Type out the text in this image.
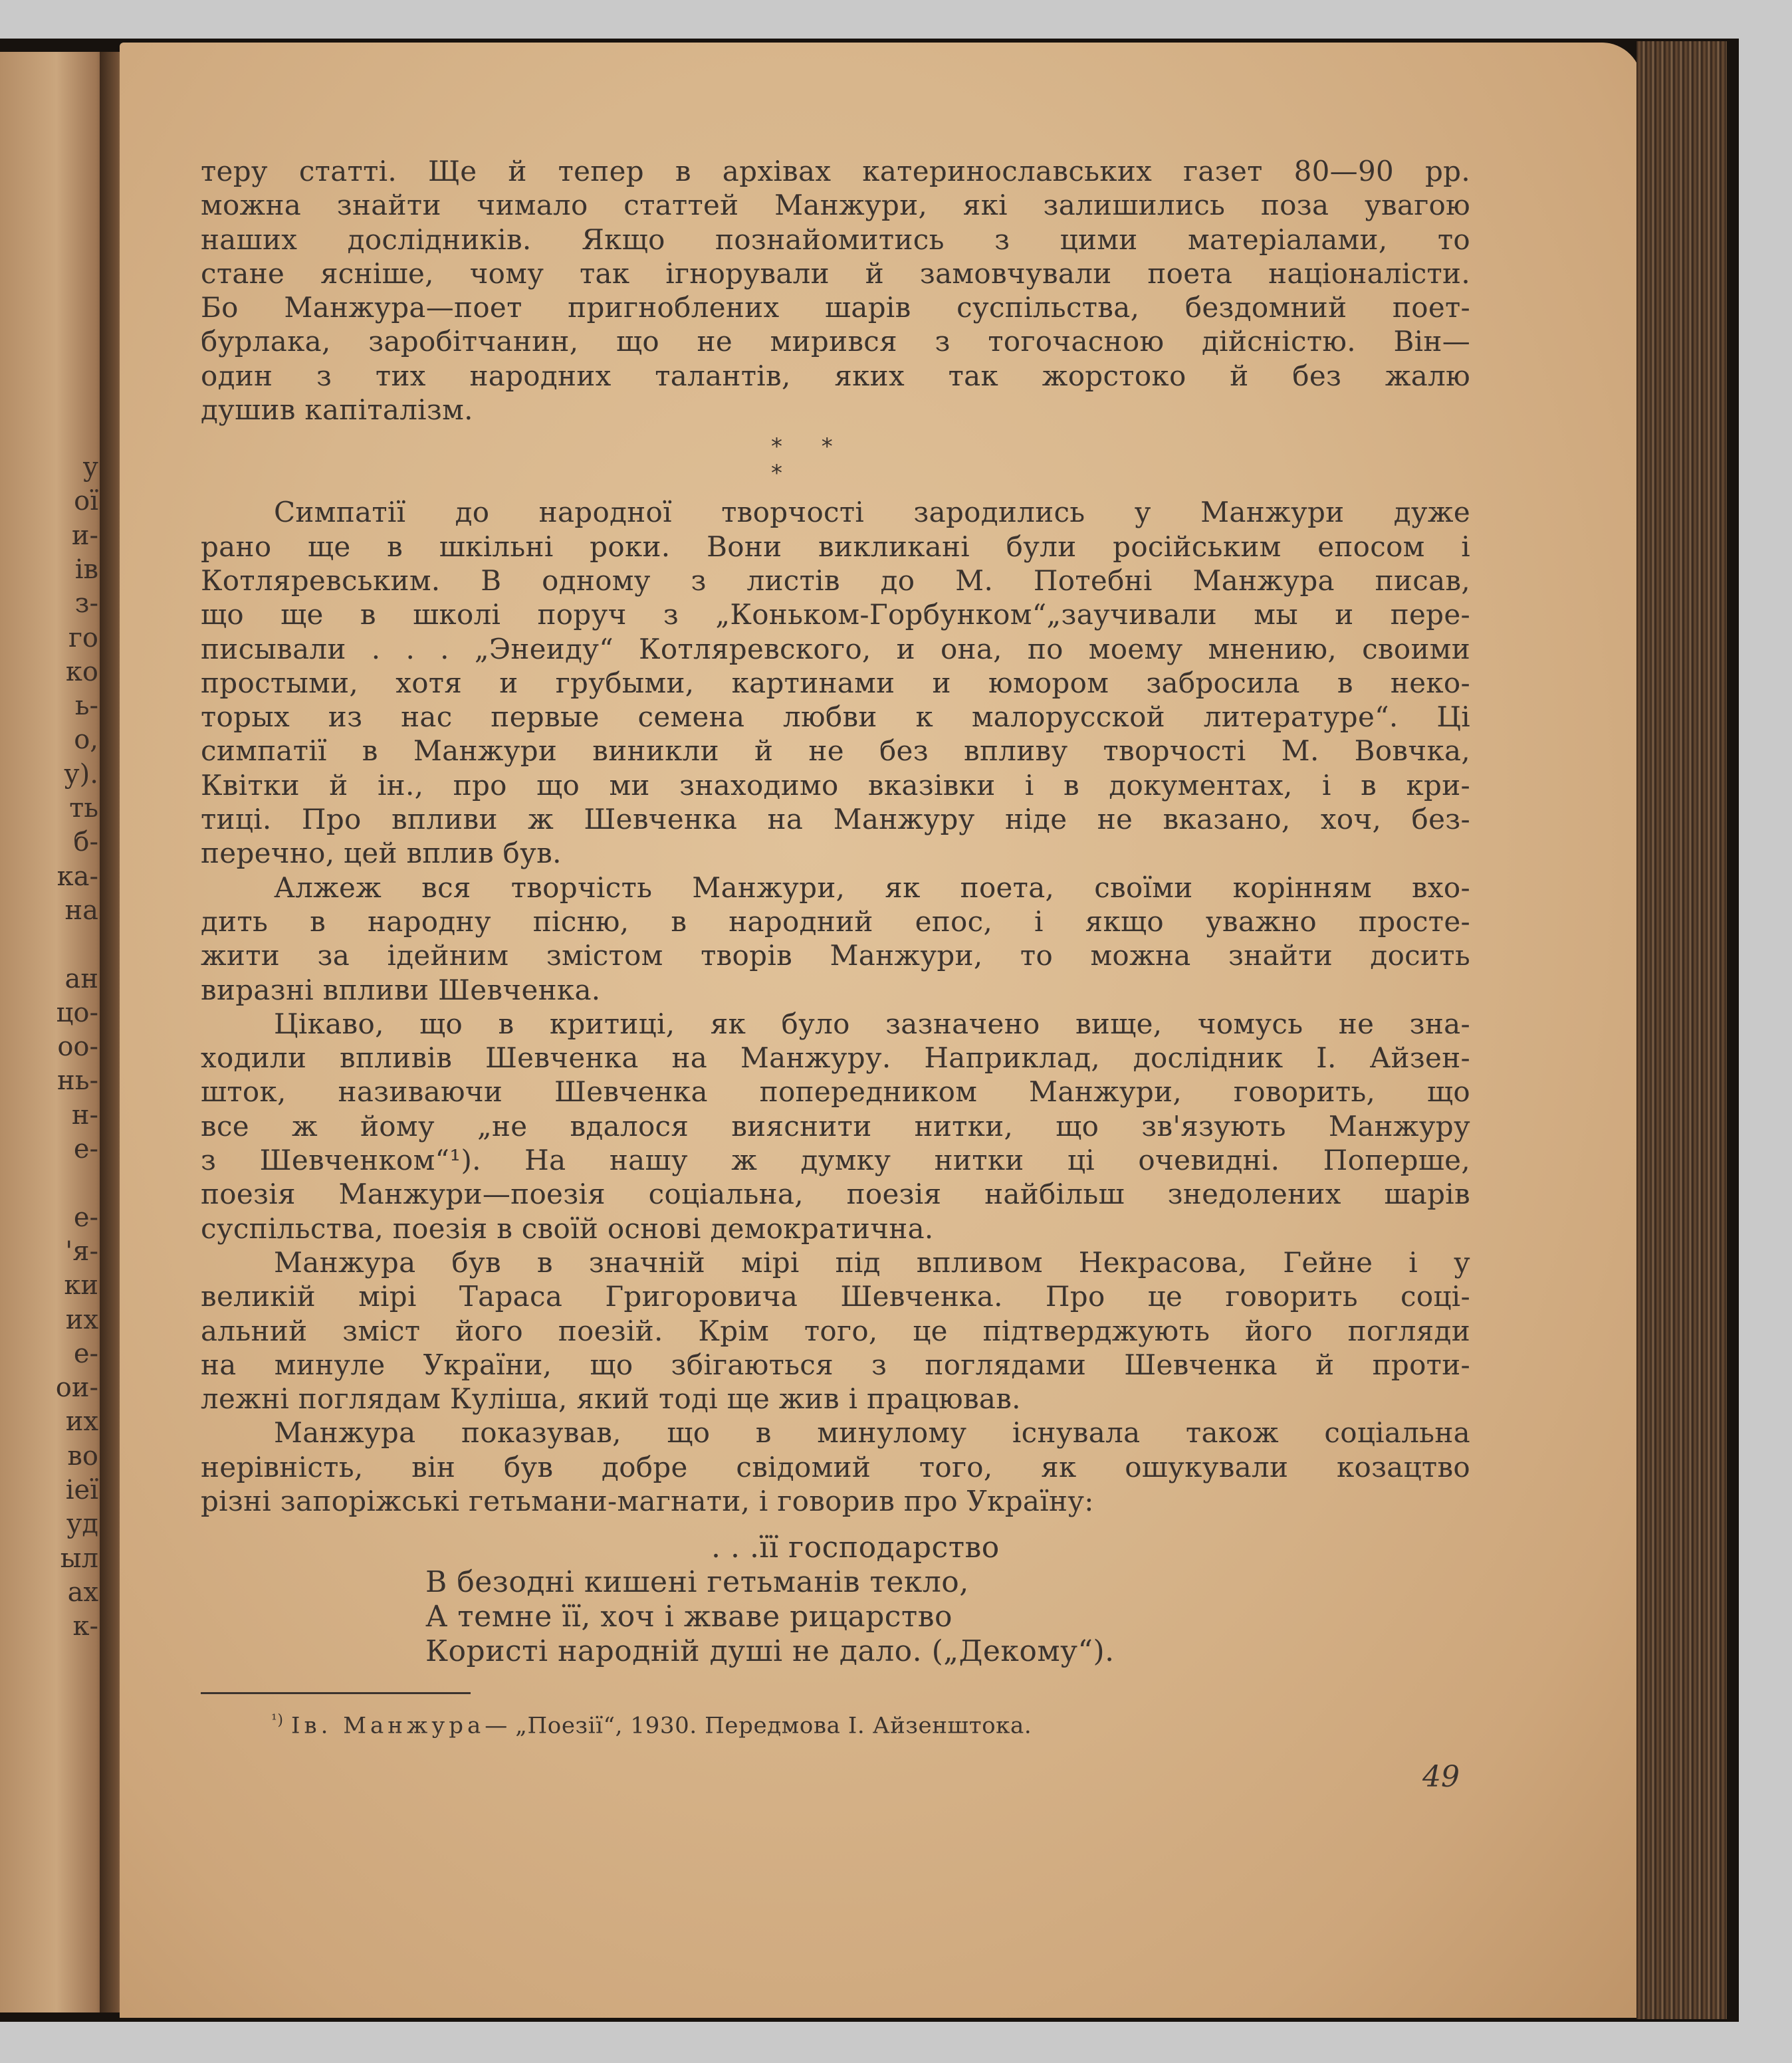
у
ої
и-
ів
з-
го
ко
ь-
о,
у).
ть
б-
ка-
на
ан
цо-
оо-
нь-
н-
е-
е-
'я-
ки
их
е-
ои-
их
во
іеї
уд
ыл
ах
к-
теру статті. Ще й тепер в архівах катеринославських газет 80—90 рр.
можна знайти чимало статтей Манжури, які залишились поза увагою
наших дослідників. Якщо познайомитись з цими матеріалами, то
стане ясніше, чому так ігнорували й замовчували поета націоналісти.
Бо Манжура—поет пригноблених шарів суспільства, бездомний поет-
бурлака, заробітчанин, що не мирився з тогочасною дійсністю. Він—
один з тих народних талантів, яких так жорстоко й без жалю
душив капіталізм.
Симпатії до народної творчості зародились у Манжури дуже
рано ще в шкільні роки. Вони викликані були російським епосом і
Котляревським. В одному з листів до М. Потебні Манжура писав,
що ще в школі поруч з „Коньком-Горбунком“„заучивали мы и пере-
писывали . . . „Энеиду“ Котляревского, и она, по моему мнению, своими
простыми, хотя и грубыми, картинами и юмором забросила в неко-
торых из нас первые семена любви к малорусской литературе“. Ці
симпатії в Манжури виникли й не без впливу творчості М. Вовчка,
Квітки й ін., про що ми знаходимо вказівки і в документах, і в кри-
тиці. Про впливи ж Шевченка на Манжуру ніде не вказано, хоч, без-
перечно, цей вплив був.
Алжеж вся творчість Манжури, як поета, своїми корінням вхо-
дить в народну пісню, в народний епос, і якщо уважно простe-
жити за ідейним змістом творів Манжури, то можна знайти досить
виразні впливи Шевченка.
Цікаво, що в критиці, як було зазначено вище, чомусь не зна-
ходили впливів Шевченка на Манжуру. Наприклад, дослідник І. Айзен-
шток, називаючи Шевченка попередником Манжури, говорить, що
все ж йому „не вдалося вияснити нитки, що зв'язують Манжуру
з Шевченком“¹). На нашу ж думку нитки ці очевидні. Поперше,
поезія Манжури—поезія соціальна, поезія найбільш знедолених шарів
суспільства, поезія в своїй основі демократична.
Манжура був в значній мірі під впливом Некрасова, Гейне і у
великій мірі Тараса Григоровича Шевченка. Про це говорить соці-
альний зміст його поезій. Крім того, це підтверджують його погляди
на минуле України, що збігаються з поглядами Шевченка й проти-
лежні поглядам Куліша, який тоді ще жив і працював.
Манжура показував, що в минулому існувала також соціальна
нерівність, він був добре свідомий того, як ошукували козацтво
різні запоріжські гетьмани-магнати, і говорив про Україну:
* * *
. . .її господарство
В безодні кишені гетьманів текло,
А темне її, хоч і жваве рицарство
Користі народній душі не дало. („Декому“).
$^{^1)}$ Ів. Манжура— „Поезії“, 1930. Передмова І. Айзенштока.
49
